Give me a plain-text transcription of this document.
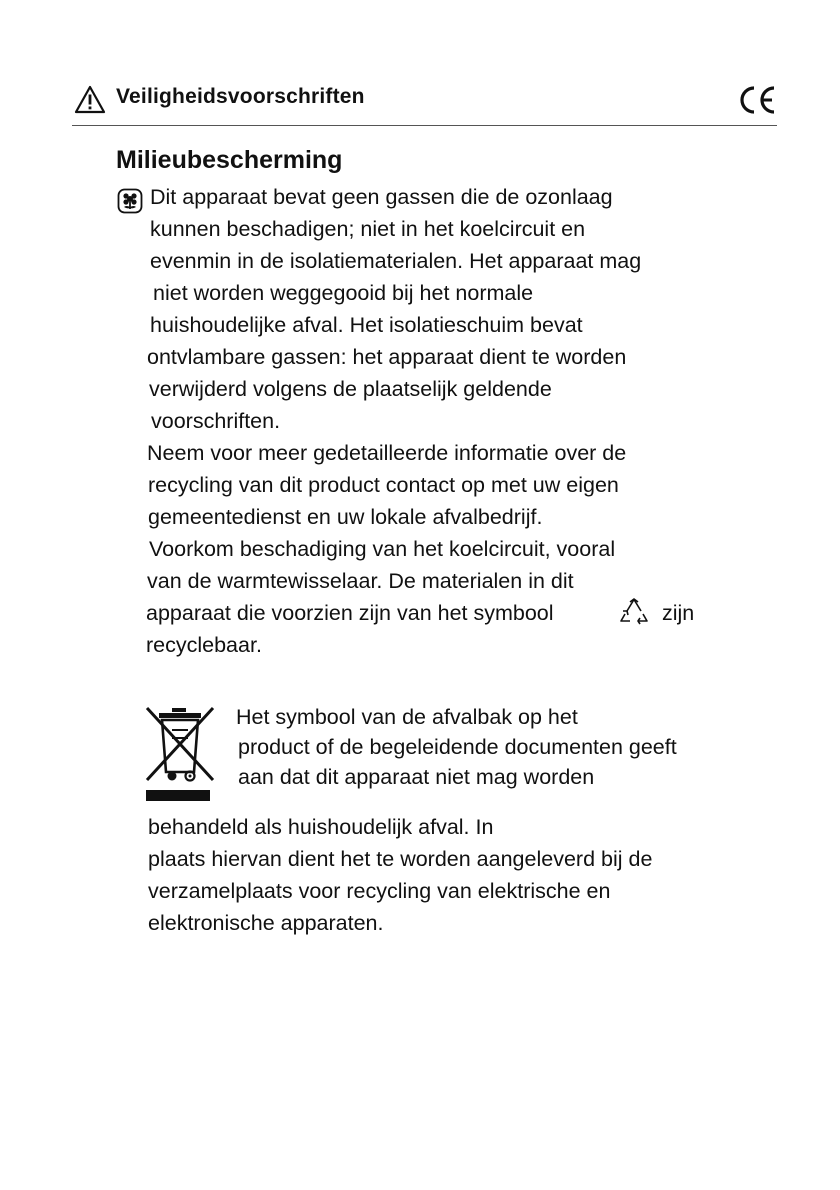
Veiligheidsvoorschriften
Milieubescherming
Dit apparaat bevat geen gassen die de ozonlaag
kunnen beschadigen; niet in het koelcircuit en
evenmin in de isolatiematerialen. Het apparaat mag
niet worden weggegooid bij het normale
huishoudelijke afval. Het isolatieschuim bevat
ontvlambare gassen: het apparaat dient te worden
verwijderd volgens de plaatselijk geldende
voorschriften.
Neem voor meer gedetailleerde informatie over de
recycling van dit product contact op met uw eigen
gemeentedienst en uw lokale afvalbedrijf.
Voorkom beschadiging van het koelcircuit, vooral
van de warmtewisselaar. De materialen in dit
apparaat die voorzien zijn van het symbool	zijn
recyclebaar.
Het symbool van de afvalbak op het
product of de begeleidende documenten geeft
aan dat dit apparaat niet mag worden
behandeld als huishoudelijk afval. In
plaats hiervan dient het te worden aangeleverd bij de
verzamelplaats voor recycling van elektrische en
elektronische apparaten.
